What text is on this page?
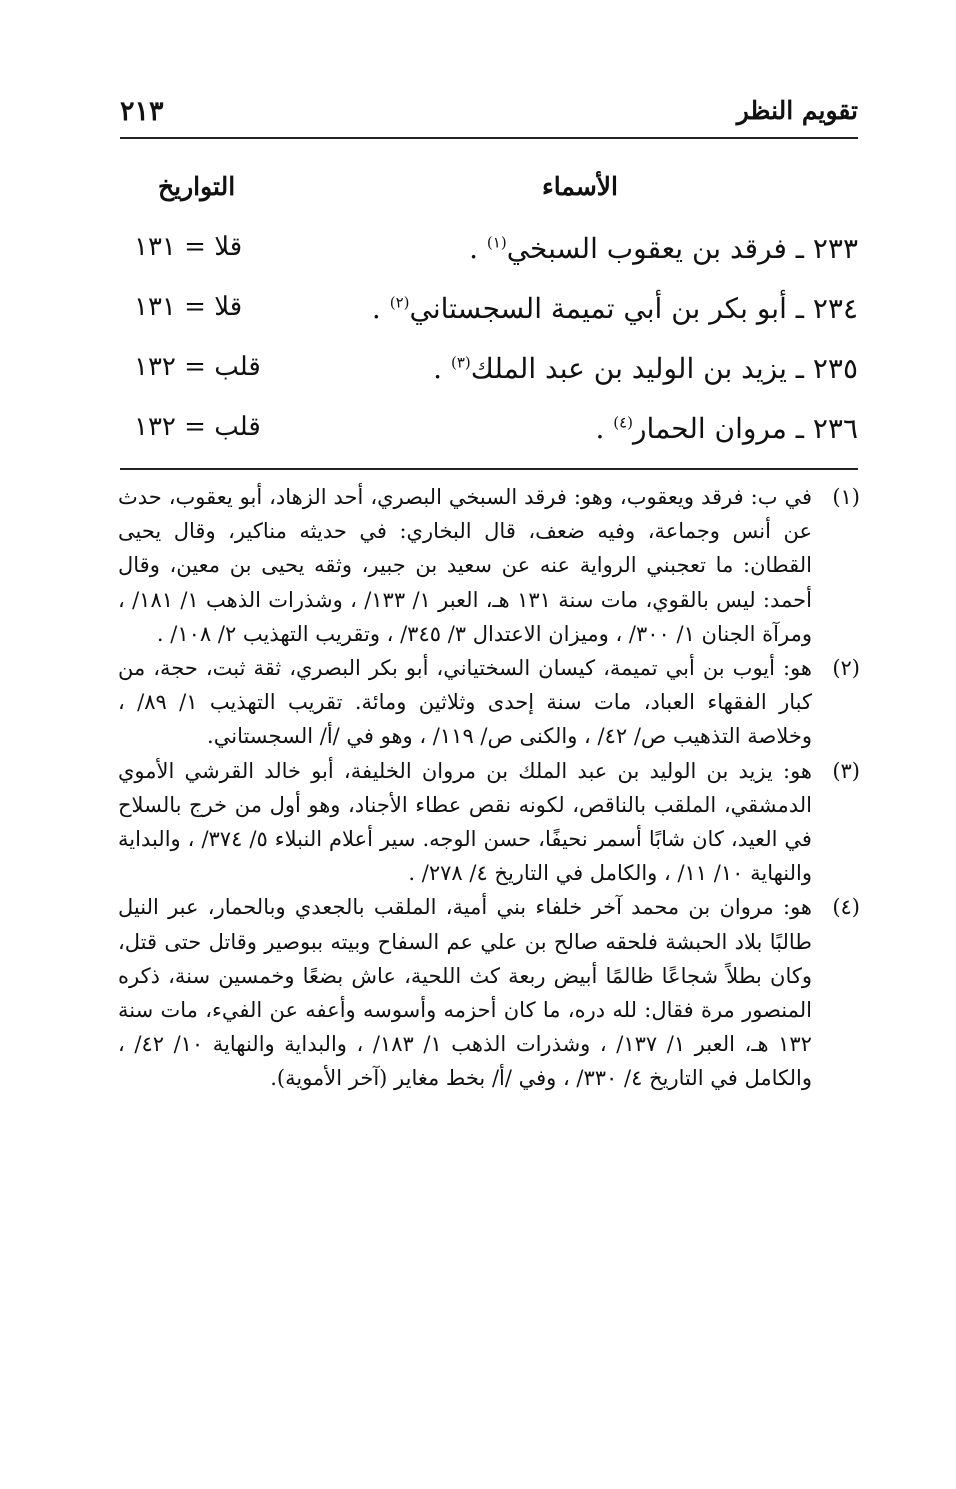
تقويم النظر
٢١٣
الأسماء
التواريخ
٢٣٣ ـ فرقد بن يعقوب السبخي$^{(١)}$ .
قلا = ١٣١
٢٣٤ ـ أبو بكر بن أبي تميمة السجستاني$^{(٢)}$ .
قلا = ١٣١
٢٣٥ ـ يزيد بن الوليد بن عبد الملك$^{(٣)}$ .
قلب = ١٣٢
٢٣٦ ـ مروان الحمار$^{(٤)}$ .
قلب = ١٣٢
(١)
في ب: فرقد ويعقوب، وهو: فرقد السبخي البصري، أحد الزهاد، أبو يعقوب، حدث عن أنس وجماعة، وفيه ضعف، قال البخاري: في حديثه مناكير، وقال يحيى القطان: ما تعجبني الرواية عنه عن سعيد بن جبير، وثقه يحيى بن معين، وقال أحمد: ليس بالقوي، مات سنة ١٣١ هـ، العبر ١/ ١٣٣/ ، وشذرات الذهب ١/ ١٨١/ ، ومرآة الجنان ١/ ٣٠٠/ ، وميزان الاعتدال ٣/ ٣٤٥/ ، وتقريب التهذيب ٢/ ١٠٨/ .
(٢)
هو: أيوب بن أبي تميمة، كيسان السختياني، أبو بكر البصري، ثقة ثبت، حجة، من كبار الفقهاء العباد، مات سنة إحدى وثلاثين ومائة. تقريب التهذيب ١/ ٨٩/ ، وخلاصة التذهيب ص/ ٤٢/ ، والكنى ص/ ١١٩/ ، وهو في /أ/ السجستاني.
(٣)
هو: يزيد بن الوليد بن عبد الملك بن مروان الخليفة، أبو خالد القرشي الأموي الدمشقي، الملقب بالناقص، لكونه نقص عطاء الأجناد، وهو أول من خرج بالسلاح في العيد، كان شابًا أسمر نحيفًا، حسن الوجه. سير أعلام النبلاء ٥/ ٣٧٤/ ، والبداية والنهاية ١٠/ ١١/ ، والكامل في التاريخ ٤/ ٢٧٨/ .
(٤)
هو: مروان بن محمد آخر خلفاء بني أمية، الملقب بالجعدي وبالحمار، عبر النيل طالبًا بلاد الحبشة فلحقه صالح بن علي عم السفاح وبيته ببوصير وقاتل حتى قتل، وكان بطلاً شجاعًا ظالمًا أبيض ربعة كث اللحية، عاش بضعًا وخمسين سنة، ذكره المنصور مرة فقال: لله دره، ما كان أحزمه وأسوسه وأعفه عن الفيء، مات سنة ١٣٢ هـ، العبر ١/ ١٣٧/ ، وشذرات الذهب ١/ ١٨٣/ ، والبداية والنهاية ١٠/ ٤٢/ ، والكامل في التاريخ ٤/ ٣٣٠/ ، وفي /أ/ بخط مغاير (آخر الأموية).
